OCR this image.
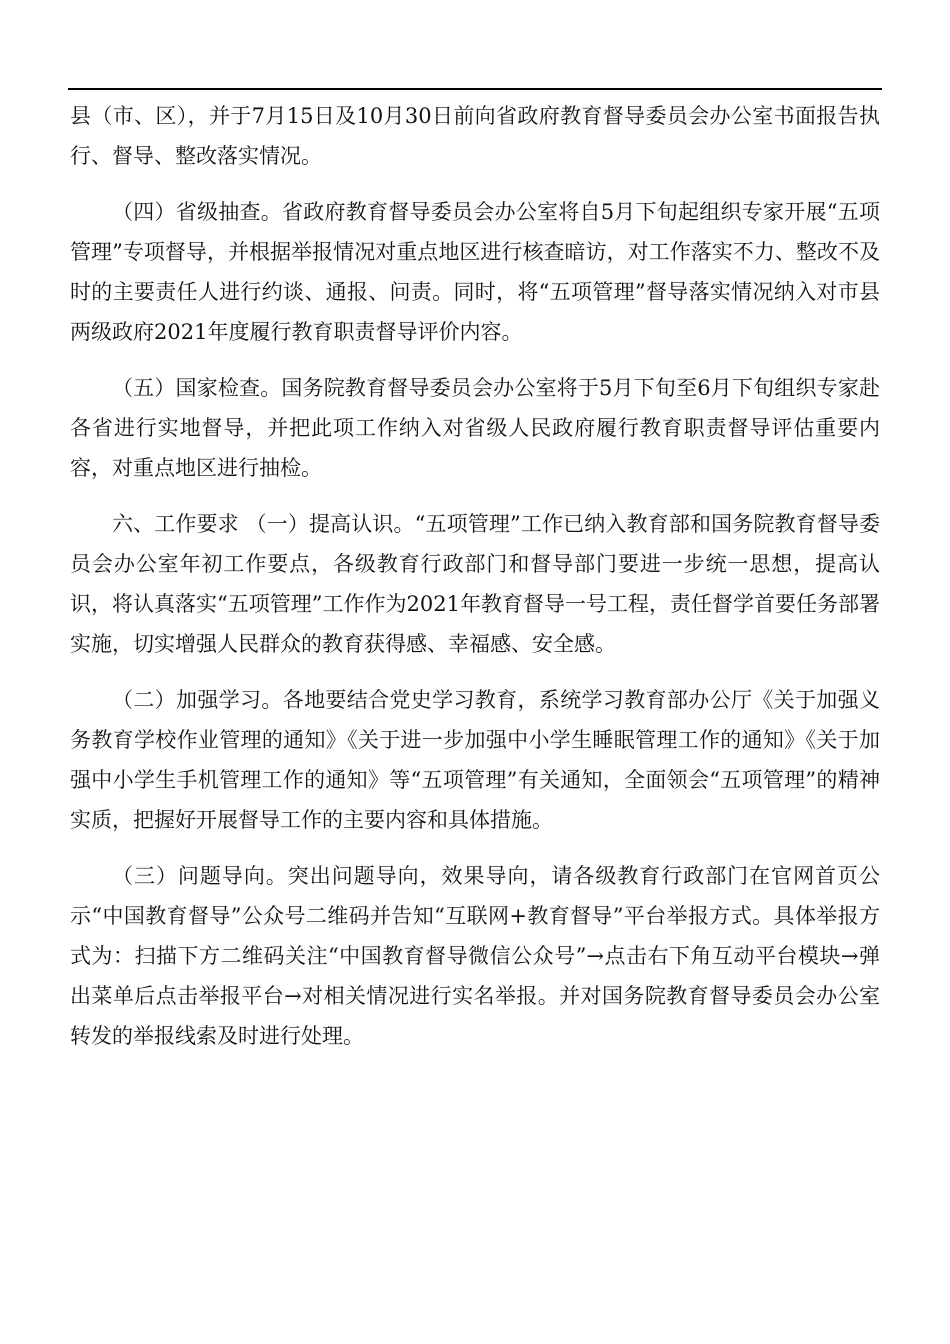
县（市、区），并于7月15日及10月30日前向省政府教育督导委员会办公室书面报告执行、督导、整改落实情况。

（四）省级抽查。省政府教育督导委员会办公室将自5月下旬起组织专家开展“五项管理”专项督导，并根据举报情况对重点地区进行核查暗访，对工作落实不力、整改不及时的主要责任人进行约谈、通报、问责。同时，将“五项管理”督导落实情况纳入对市县两级政府2021年度履行教育职责督导评价内容。

（五）国家检查。国务院教育督导委员会办公室将于5月下旬至6月下旬组织专家赴各省进行实地督导，并把此项工作纳入对省级人民政府履行教育职责督导评估重要内容，对重点地区进行抽检。

六、工作要求 （一）提高认识。“五项管理”工作已纳入教育部和国务院教育督导委员会办公室年初工作要点，各级教育行政部门和督导部门要进一步统一思想，提高认识，将认真落实“五项管理”工作作为2021年教育督导一号工程，责任督学首要任务部署实施，切实增强人民群众的教育获得感、幸福感、安全感。

（二）加强学习。各地要结合党史学习教育，系统学习教育部办公厅《关于加强义务教育学校作业管理的通知》《关于进一步加强中小学生睡眠管理工作的通知》《关于加强中小学生手机管理工作的通知》等“五项管理”有关通知，全面领会“五项管理”的精神实质，把握好开展督导工作的主要内容和具体措施。

（三）问题导向。突出问题导向，效果导向，请各级教育行政部门在官网首页公示“中国教育督导”公众号二维码并告知“互联网+教育督导”平台举报方式。具体举报方式为：扫描下方二维码关注“中国教育督导微信公众号”→点击右下角互动平台模块→弹出菜单后点击举报平台→对相关情况进行实名举报。并对国务院教育督导委员会办公室转发的举报线索及时进行处理。
